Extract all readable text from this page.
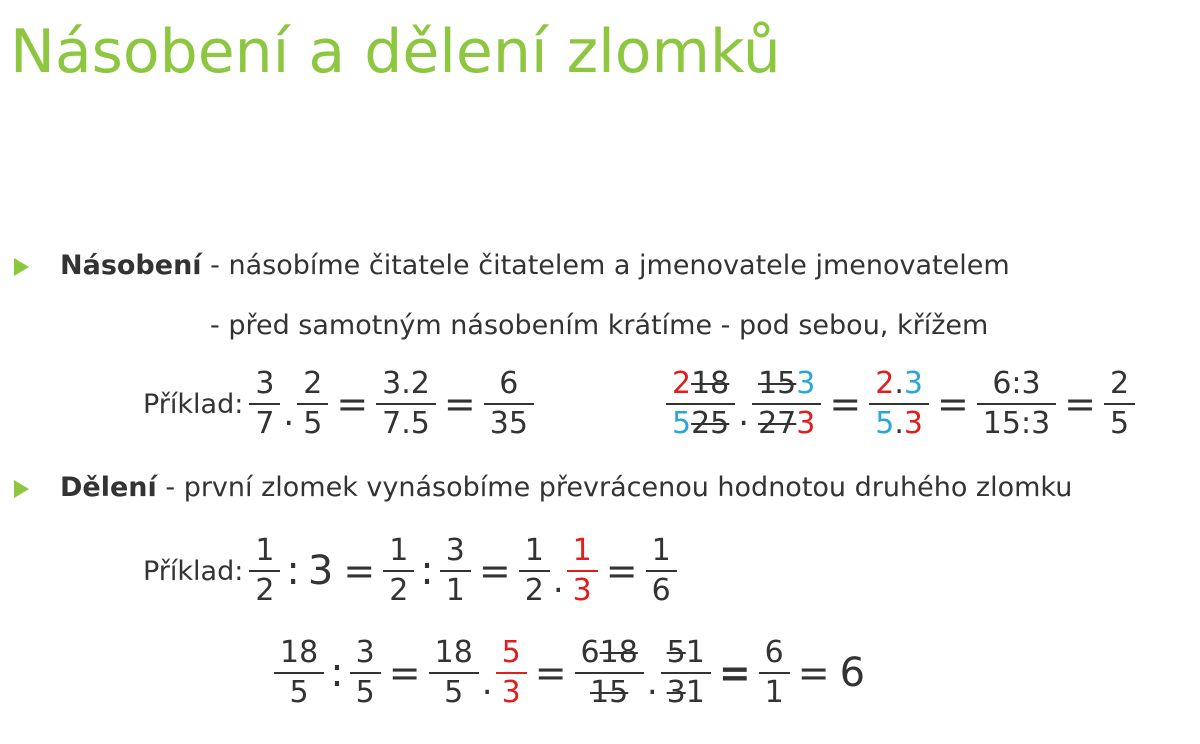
Násobení a dělení zlomků
Násobení - násobíme čitatele čitatelem a jmenovatele jmenovatelem
- před samotným násobením krátíme - pod sebou, křížem
Příklad: $\frac{3}{7}$ . $\frac{2}{5} = \frac{3.2}{7.5} = \frac{6}{35}$	$\frac{218}{525}$ . $\frac{153}{273} = \frac{2.3}{5.3} = \frac{6:3}{15:3} = \frac{2}{5}$
Dělení - první zlomek vynásobíme převrácenou hodnotou druhého zlomku
Příklad: $\frac{1}{2}$ : $3 = \frac{1}{2}$ : $\frac{3}{1} = \frac{1}{2}$ . $\frac{1}{3} = \frac{1}{6}$
$\frac{18}{5}$ : $\frac{3}{5} = \frac{18}{5}$ . $\frac{5}{3} = \frac{618}{15}$ . $\frac{51}{31} = \frac{6}{1} = 6$
